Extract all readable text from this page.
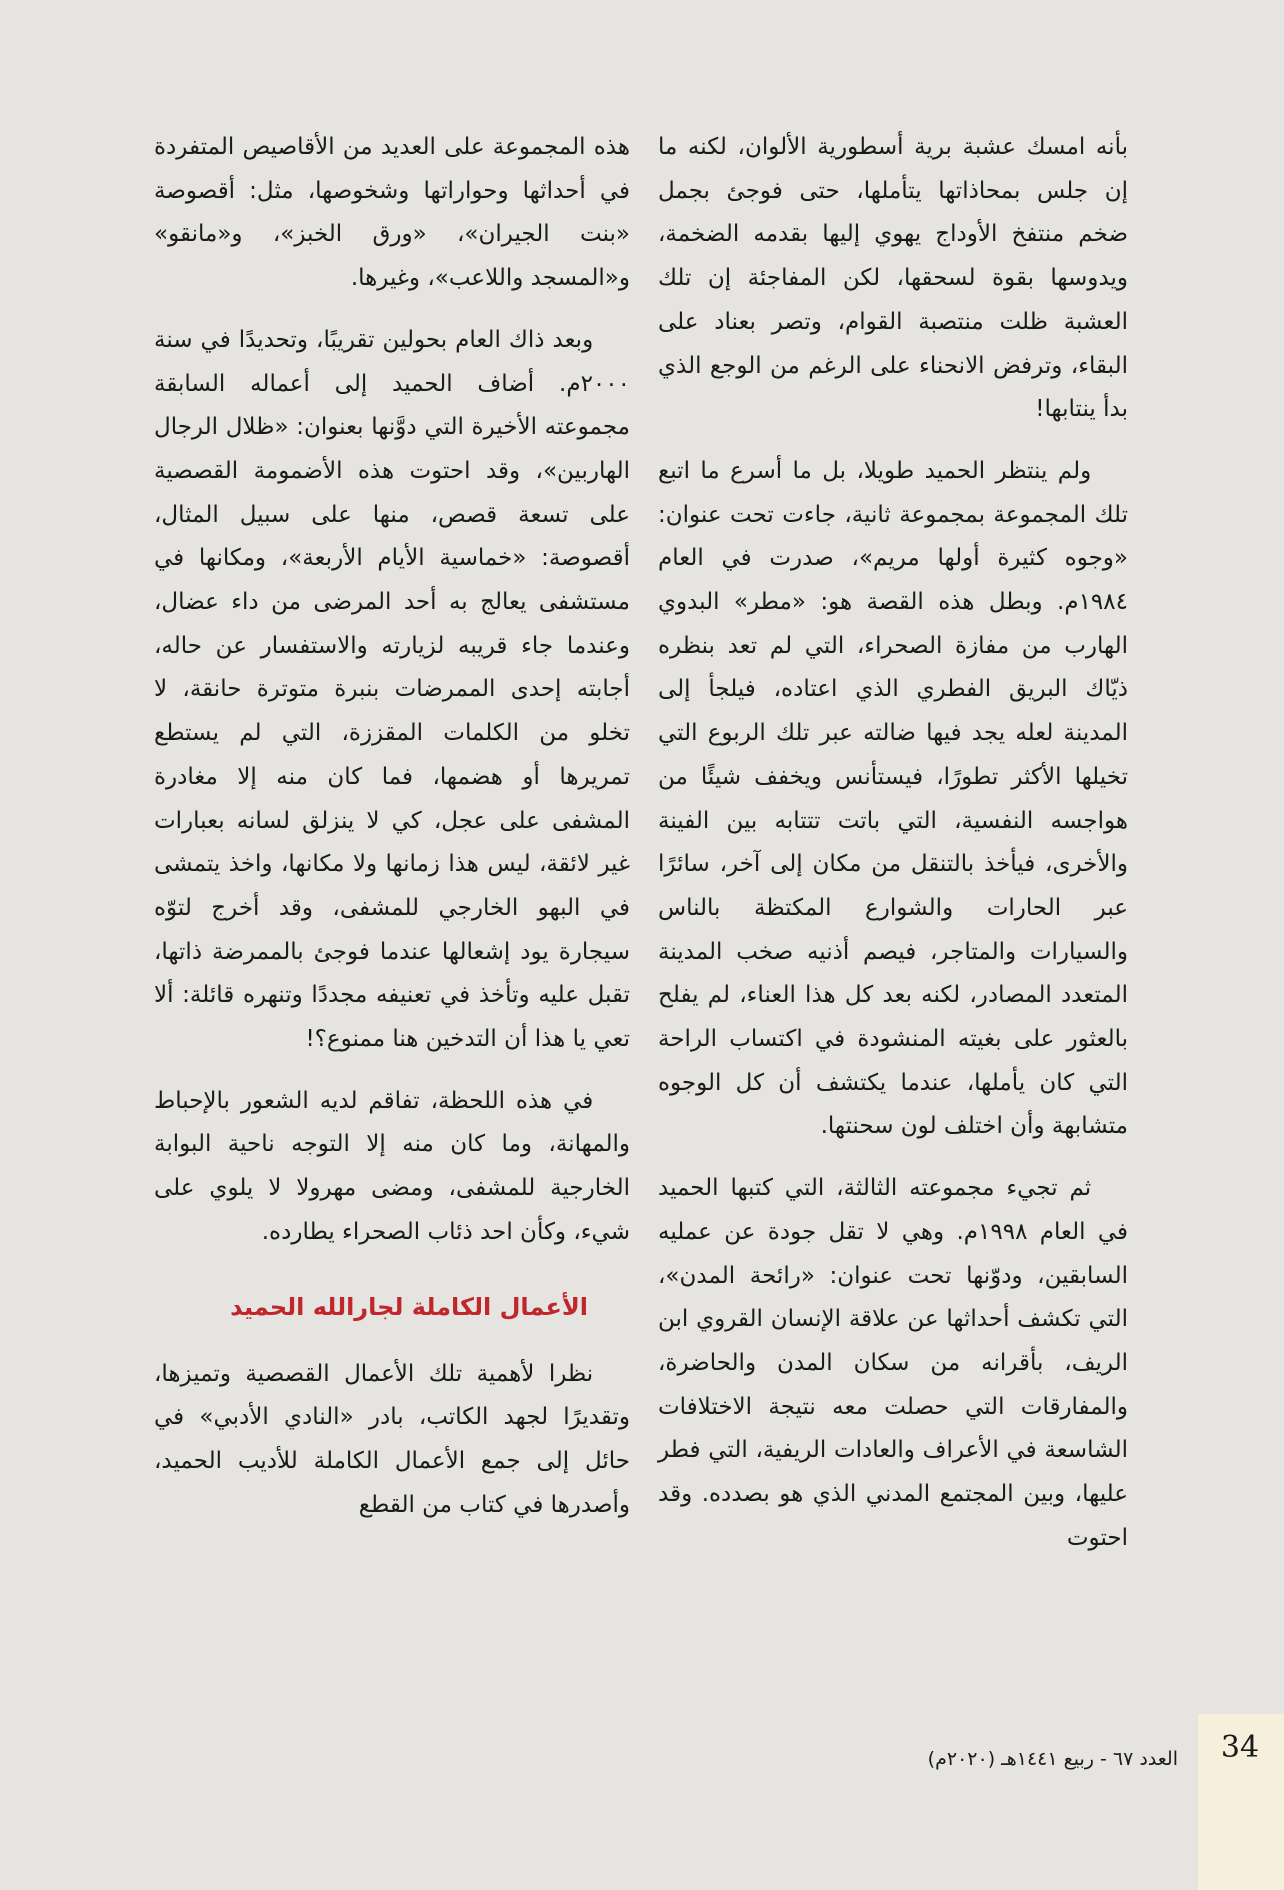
بأنه امسك عشبة برية أسطورية الألوان، لكنه ما إن جلس بمحاذاتها يتأملها، حتى فوجئ بجمل ضخم منتفخ الأوداج يهوي إليها بقدمه الضخمة، ويدوسها بقوة لسحقها، لكن المفاجئة إن تلك العشبة ظلت منتصبة القوام، وتصر بعناد على البقاء، وترفض الانحناء على الرغم من الوجع الذي بدأ ينتابها!

ولم ينتظر الحميد طويلا، بل ما أسرع ما اتبع تلك المجموعة بمجموعة ثانية، جاءت تحت عنوان: «وجوه كثيرة أولها مريم»، صدرت في العام ١٩٨٤م. وبطل هذه القصة هو: «مطر» البدوي الهارب من مفازة الصحراء، التي لم تعد بنظره ذيّاك البريق الفطري الذي اعتاده، فيلجأ إلى المدينة لعله يجد فيها ضالته عبر تلك الربوع التي تخيلها الأكثر تطورًا، فيستأنس ويخفف شيئًا من هواجسه النفسية، التي باتت تتتابه بين الفينة والأخرى، فيأخذ بالتنقل من مكان إلى آخر، سائرًا عبر الحارات والشوارع المكتظة بالناس والسيارات والمتاجر، فيصم أذنيه صخب المدينة المتعدد المصادر، لكنه بعد كل هذا العناء، لم يفلح بالعثور على بغيته المنشودة في اكتساب الراحة التي كان يأملها، عندما يكتشف أن كل الوجوه متشابهة وأن اختلف لون سحنتها.

ثم تجيء مجموعته الثالثة، التي كتبها الحميد في العام ١٩٩٨م. وهي لا تقل جودة عن عمليه السابقين، ودوّنها تحت عنوان: «رائحة المدن»، التي تكشف أحداثها عن علاقة الإنسان القروي ابن الريف، بأقرانه من سكان المدن والحاضرة، والمفارقات التي حصلت معه نتيجة الاختلافات الشاسعة في الأعراف والعادات الريفية، التي فطر عليها، وبين المجتمع المدني الذي هو بصدده. وقد احتوت

هذه المجموعة على العديد من الأقاصيص المتفردة في أحداثها وحواراتها وشخوصها، مثل: أقصوصة «بنت الجيران»، «ورق الخبز»، و«مانقو» و«المسجد واللاعب»، وغيرها.

وبعد ذاك العام بحولين تقريبًا، وتحديدًا في سنة ٢٠٠٠م. أضاف الحميد إلى أعماله السابقة مجموعته الأخيرة التي دوَّنها بعنوان: «ظلال الرجال الهاربين»، وقد احتوت هذه الأضمومة القصصية على تسعة قصص، منها على سبيل المثال، أقصوصة: «خماسية الأيام الأربعة»، ومكانها في مستشفى يعالج به أحد المرضى من داء عضال، وعندما جاء قريبه لزيارته والاستفسار عن حاله، أجابته إحدى الممرضات بنبرة متوترة حانقة، لا تخلو من الكلمات المقززة، التي لم يستطع تمريرها أو هضمها، فما كان منه إلا مغادرة المشفى على عجل، كي لا ينزلق لسانه بعبارات غير لائقة، ليس هذا زمانها ولا مكانها، واخذ يتمشى في البهو الخارجي للمشفى، وقد أخرج لتوّه سيجارة يود إشعالها عندما فوجئ بالممرضة ذاتها، تقبل عليه وتأخذ في تعنيفه مجددًا وتنهره قائلة: ألا تعي يا هذا أن التدخين هنا ممنوع؟!

في هذه اللحظة، تفاقم لديه الشعور بالإحباط والمهانة، وما كان منه إلا التوجه ناحية البوابة الخارجية للمشفى، ومضى مهرولا لا يلوي على شيء، وكأن احد ذئاب الصحراء يطارده.

الأعمال الكاملة لجارالله الحميد

نظرا لأهمية تلك الأعمال القصصية وتميزها، وتقديرًا لجهد الكاتب، بادر «النادي الأدبي» في حائل إلى جمع الأعمال الكاملة للأديب الحميد، وأصدرها في كتاب من القطع

34
العدد ٦٧ - ربيع ١٤٤١هـ (٢٠٢٠م)
